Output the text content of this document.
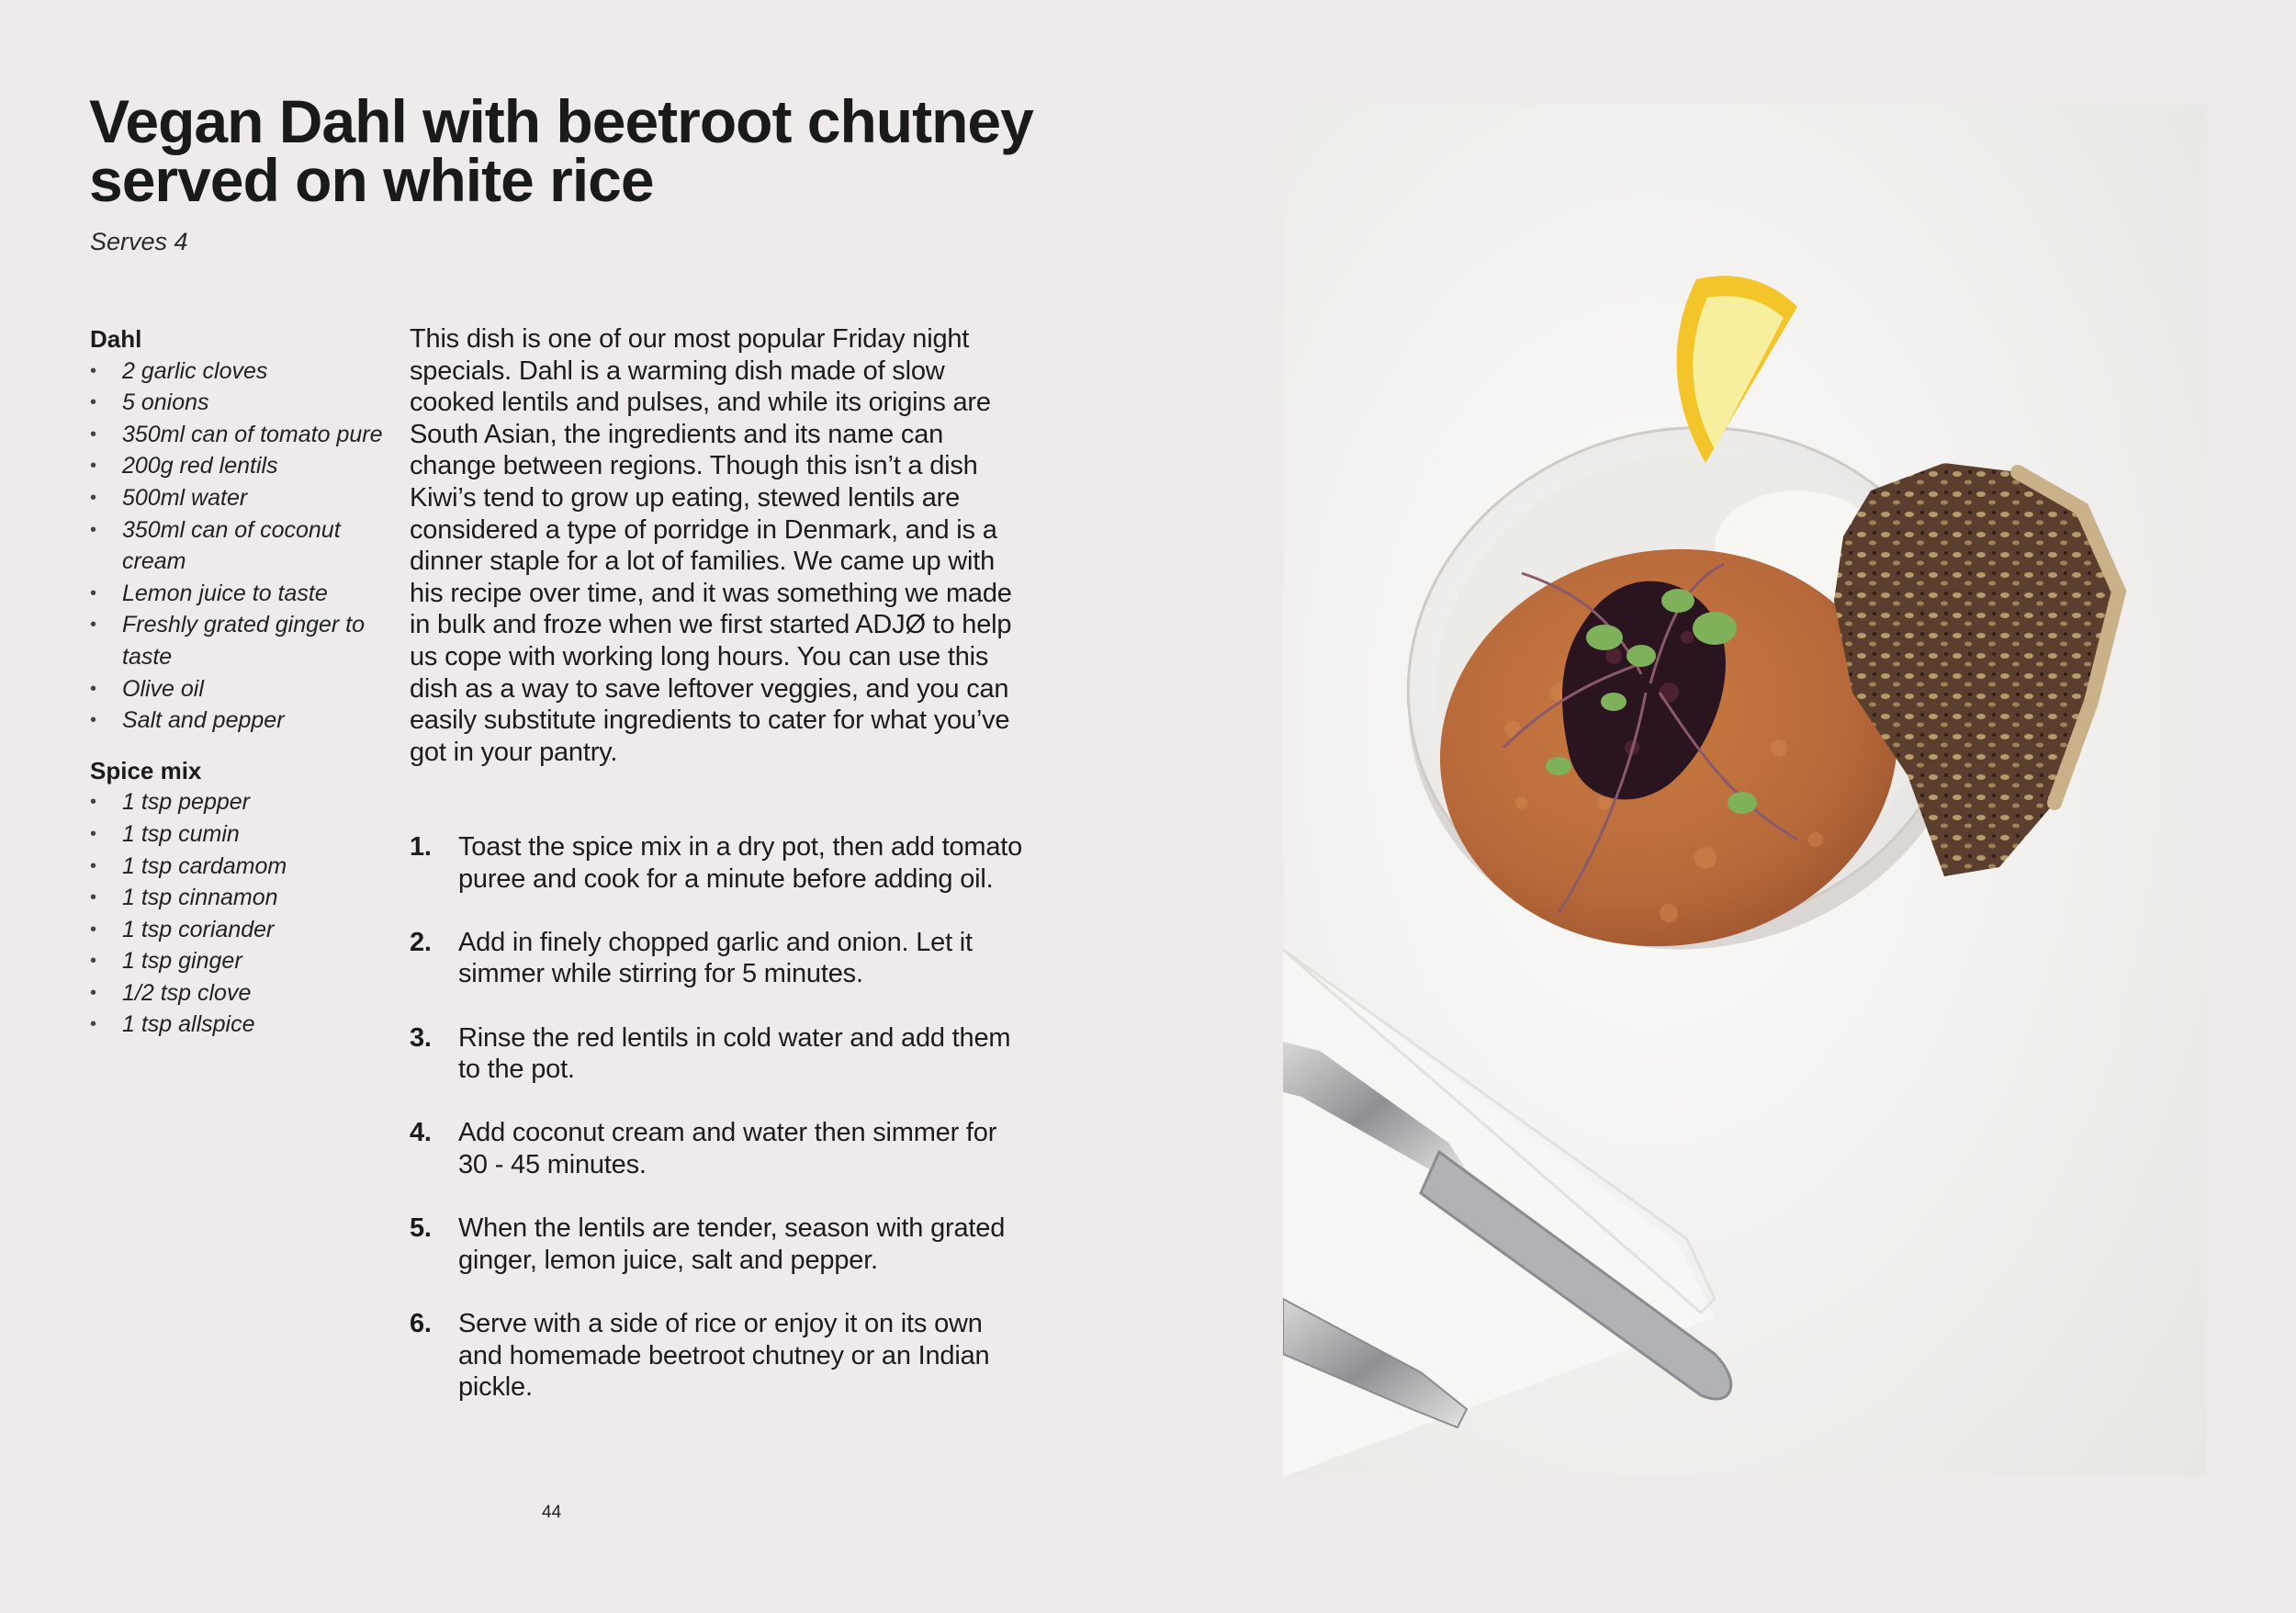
Vegan Dahl with beetroot chutney
served on white rice
Serves 4
Dahl
• 2 garlic cloves
• 5 onions
• 350ml can of tomato pure
• 200g red lentils
• 500ml water
• 350ml can of coconut cream
• Lemon juice to taste
• Freshly grated ginger to taste
• Olive oil
• Salt and pepper
Spice mix
• 1 tsp pepper
• 1 tsp cumin
• 1 tsp cardamom
• 1 tsp cinnamon
• 1 tsp coriander
• 1 tsp ginger
• 1/2 tsp clove
• 1 tsp allspice

This dish is one of our most popular Friday night specials. Dahl is a warming dish made of slow cooked lentils and pulses, and while its origins are South Asian, the ingredients and its name can change between regions. Though this isn’t a dish Kiwi’s tend to grow up eating, stewed lentils are considered a type of porridge in Denmark, and is a dinner staple for a lot of families. We came up with his recipe over time, and it was something we made in bulk and froze when we first started ADJØ to help us cope with working long hours. You can use this dish as a way to save leftover veggies, and you can easily substitute ingredients to cater for what you’ve got in your pantry.

1. Toast the spice mix in a dry pot, then add tomato puree and cook for a minute before adding oil.
2. Add in finely chopped garlic and onion. Let it simmer while stirring for 5 minutes.
3. Rinse the red lentils in cold water and add them to the pot.
4. Add coconut cream and water then simmer for 30 - 45 minutes.
5. When the lentils are tender, season with grated ginger, lemon juice, salt and pepper.
6. Serve with a side of rice or enjoy it on its own and homemade beetroot chutney or an Indian pickle.
44
